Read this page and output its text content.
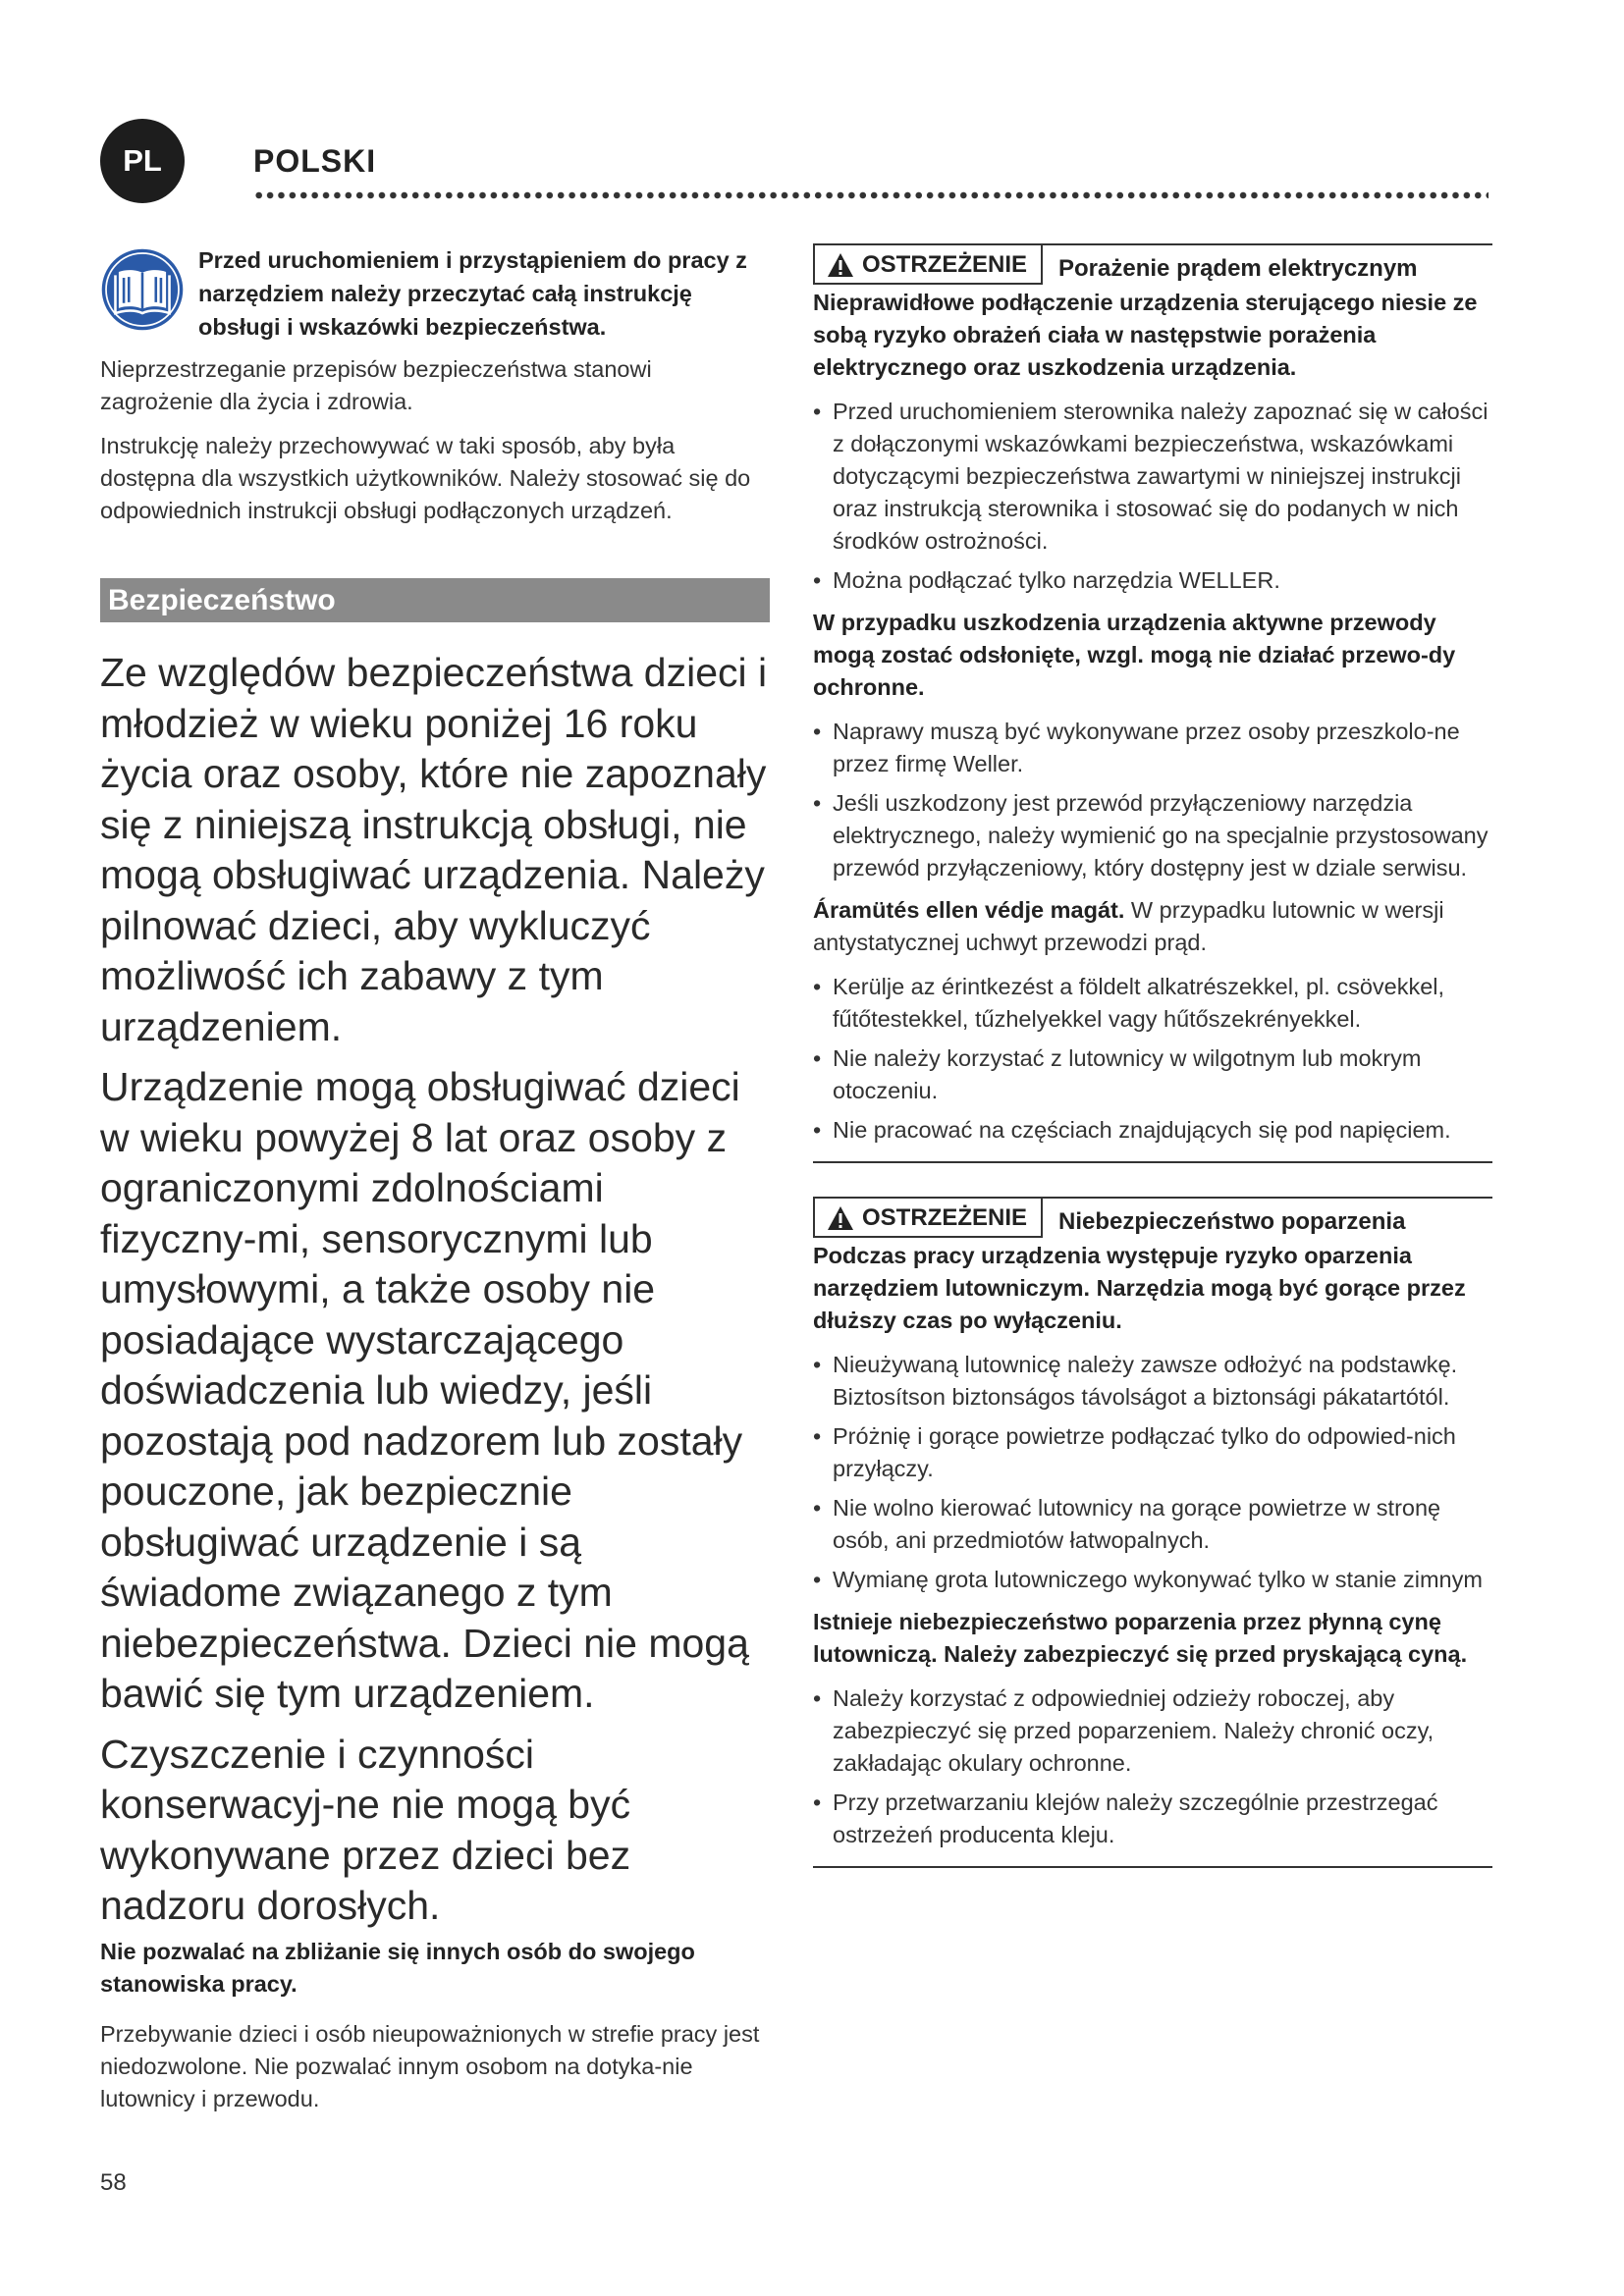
PL	POLSKI
Przed uruchomieniem i przystąpieniem do pracy z narzędziem należy przeczytać całą instrukcję obsługi i wskazówki bezpieczeństwa.

Nieprzestrzeganie przepisów bezpieczeństwa stanowi zagrożenie dla życia i zdrowia.

Instrukcję należy przechowywać w taki sposób, aby była dostępna dla wszystkich użytkowników. Należy stosować się do odpowiednich instrukcji obsługi podłączonych urządzeń.

Bezpieczeństwo

Ze względów bezpieczeństwa dzieci i młodzież w wieku poniżej 16 roku życia oraz osoby, które nie zapoznały się z niniejszą instrukcją obsługi, nie mogą obsługiwać urządzenia. Należy pilnować dzieci, aby wykluczyć możliwość ich zabawy z tym urządzeniem.

Urządzenie mogą obsługiwać dzieci w wieku powyżej 8 lat oraz osoby z ograniczonymi zdolnościami fizyczny-mi, sensorycznymi lub umysłowymi, a także osoby nie posiadające wystarczającego doświadczenia lub wiedzy, jeśli pozostają pod nadzorem lub zostały pouczone, jak bezpiecznie obsługiwać urządzenie i są świadome związanego z tym niebezpieczeństwa. Dzieci nie mogą bawić się tym urządzeniem.

Czyszczenie i czynności konserwacyj-ne nie mogą być wykonywane przez dzieci bez nadzoru dorosłych.

Nie pozwalać na zbliżanie się innych osób do swojego stanowiska pracy.

Przebywanie dzieci i osób nieupoważnionych w strefie pracy jest niedozwolone. Nie pozwalać innym osobom na dotyka-nie lutownicy i przewodu.

OSTRZEŻENIE	Porażenie prądem elektrycznym

Nieprawidłowe podłączenie urządzenia sterującego niesie ze sobą ryzyko obrażeń ciała w następstwie porażenia elektrycznego oraz uszkodzenia urządzenia.

• Przed uruchomieniem sterownika należy zapoznać się w całości z dołączonymi wskazówkami bezpieczeństwa, wskazówkami dotyczącymi bezpieczeństwa zawartymi w niniejszej instrukcji oraz instrukcją sterownika i stosować się do podanych w nich środków ostrożności.
• Można podłączać tylko narzędzia WELLER.

W przypadku uszkodzenia urządzenia aktywne przewody mogą zostać odsłonięte, wzgl. mogą nie działać przewo-dy ochronne.

• Naprawy muszą być wykonywane przez osoby przeszkolo-ne przez firmę Weller.
• Jeśli uszkodzony jest przewód przyłączeniowy narzędzia elektrycznego, należy wymienić go na specjalnie przystosowany przewód przyłączeniowy, który dostępny jest w dziale serwisu.

Áramütés ellen védje magát. W przypadku lutownic w wersji antystatycznej uchwyt przewodzi prąd.

• Kerülje az érintkezést a földelt alkatrészekkel, pl. csövekkel, fűtőtestekkel, tűzhelyekkel vagy hűtőszekrényekkel.
• Nie należy korzystać z lutownicy w wilgotnym lub mokrym otoczeniu.
• Nie pracować na częściach znajdujących się pod napięciem.
OSTRZEŻENIE	Niebezpieczeństwo poparzenia

Podczas pracy urządzenia występuje ryzyko oparzenia narzędziem lutowniczym. Narzędzia mogą być gorące przez dłuższy czas po wyłączeniu.

• Nieużywaną lutownicę należy zawsze odłożyć na podstawkę. Biztosítson biztonságos távolságot a biztonsági pákatartótól.
• Próżnię i gorące powietrze podłączać tylko do odpowied-nich przyłączy.
• Nie wolno kierować lutownicy na gorące powietrze w stronę osób, ani przedmiotów łatwopalnych.
• Wymianę grota lutowniczego wykonywać tylko w stanie zimnym

Istnieje niebezpieczeństwo poparzenia przez płynną cynę lutowniczą. Należy zabezpieczyć się przed pryskającą cyną.

• Należy korzystać z odpowiedniej odzieży roboczej, aby zabezpieczyć się przed poparzeniem. Należy chronić oczy, zakładając okulary ochronne.
• Przy przetwarzaniu klejów należy szczególnie przestrzegać ostrzeżeń producenta kleju.
58
